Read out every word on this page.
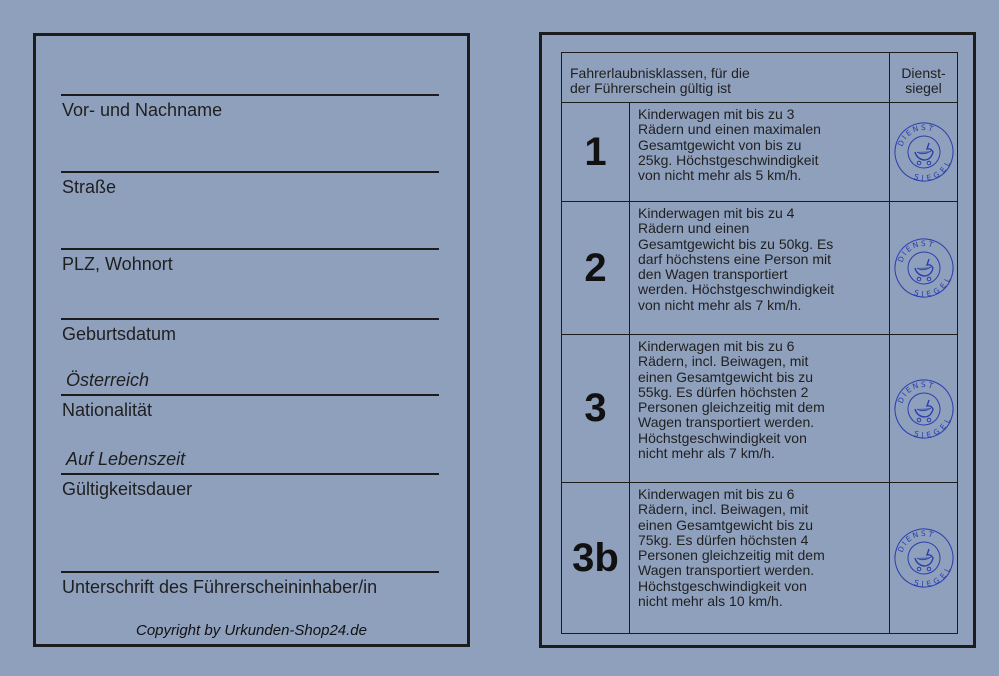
Vor- und Nachname
Straße
PLZ, Wohnort
Geburtsdatum
Österreich
Nationalität
Auf Lebenszeit
Gültigkeitsdauer
Unterschrift des Führerscheininhaber/in
Copyright by Urkunden-Shop24.de
Fahrerlaubnisklassen, für die
der Führerschein gültig ist
Dienst-
siegel
1
Kinderwagen mit bis zu 3
Rädern und einen maximalen
Gesamtgewicht von bis zu
25kg. Höchstgeschwindigkeit
von nicht mehr als 5 km/h.
DIENST
SIEGEL
2
Kinderwagen mit bis zu 4
Rädern und einen
Gesamtgewicht bis zu 50kg. Es
darf höchstens eine Person mit
den Wagen transportiert
werden. Höchstgeschwindigkeit
von nicht mehr als 7 km/h.
DIENST
SIEGEL
3
Kinderwagen mit bis zu 6
Rädern, incl. Beiwagen, mit
einen Gesamtgewicht bis zu
55kg. Es dürfen höchsten 2
Personen gleichzeitig mit dem
Wagen transportiert werden.
Höchstgeschwindigkeit von
nicht mehr als 7 km/h.
DIENST
SIEGEL
3b
Kinderwagen mit bis zu 6
Rädern, incl. Beiwagen, mit
einen Gesamtgewicht bis zu
75kg. Es dürfen höchsten 4
Personen gleichzeitig mit dem
Wagen transportiert werden.
Höchstgeschwindigkeit von
nicht mehr als 10 km/h.
DIENST
SIEGEL
